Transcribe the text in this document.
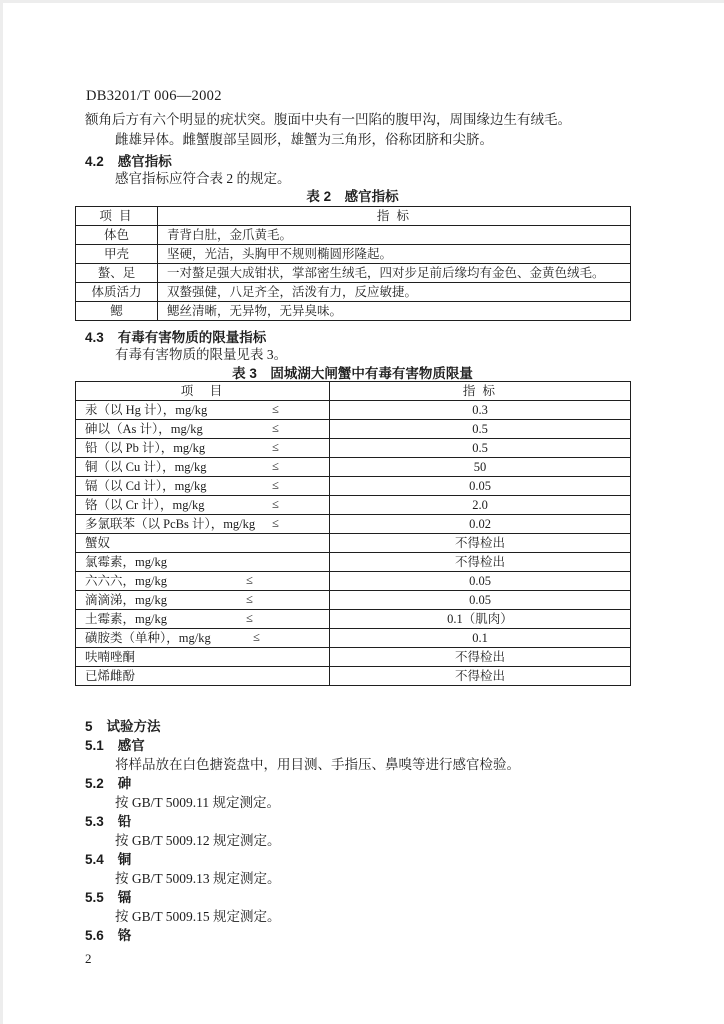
DB3201/T 006—2002
额角后方有六个明显的疣状突。腹面中央有一凹陷的腹甲沟，周围缘边生有绒毛。
雌雄异体。雌蟹腹部呈圆形，雄蟹为三角形，俗称团脐和尖脐。
4.2 感官指标
感官指标应符合表 2 的规定。
表 2　感官指标
项 目	指 标
体色	青背白肚，金爪黄毛。
甲壳	坚硬，光洁，头胸甲不规则椭圆形隆起。
螯、足	一对螯足强大成钳状，掌部密生绒毛，四对步足前后缘均有金色、金黄色绒毛。
体质活力	双螯强健，八足齐全，活泼有力，反应敏捷。
鳃	鳃丝清晰，无异物，无异臭味。
4.3 有毒有害物质的限量指标
有毒有害物质的限量见表 3。
表 3　固城湖大闸蟹中有毒有害物质限量
项　目	指 标
汞（以 Hg 计），mg/kg ≤	0.3
砷以（As 计），mg/kg ≤	0.5
铅（以 Pb 计），mg/kg ≤	0.5
铜（以 Cu 计），mg/kg ≤	50
镉（以 Cd 计），mg/kg ≤	0.05
铬（以 Cr 计），mg/kg ≤	2.0
多氯联苯（以 PcBs 计），mg/kg ≤	0.02
蟹奴	不得检出
氯霉素，mg/kg	不得检出
六六六，mg/kg ≤	0.05
滴滴涕，mg/kg ≤	0.05
土霉素，mg/kg ≤	0.1（肌肉）
磺胺类（单种），mg/kg ≤	0.1
呋喃唑酮	不得检出
已烯雌酚	不得检出
5 试验方法
5.1 感官
将样品放在白色搪瓷盘中，用目测、手指压、鼻嗅等进行感官检验。
5.2 砷
按 GB/T 5009.11 规定测定。
5.3 铅
按 GB/T 5009.12 规定测定。
5.4 铜
按 GB/T 5009.13 规定测定。
5.5 镉
按 GB/T 5009.15 规定测定。
5.6 铬
2
